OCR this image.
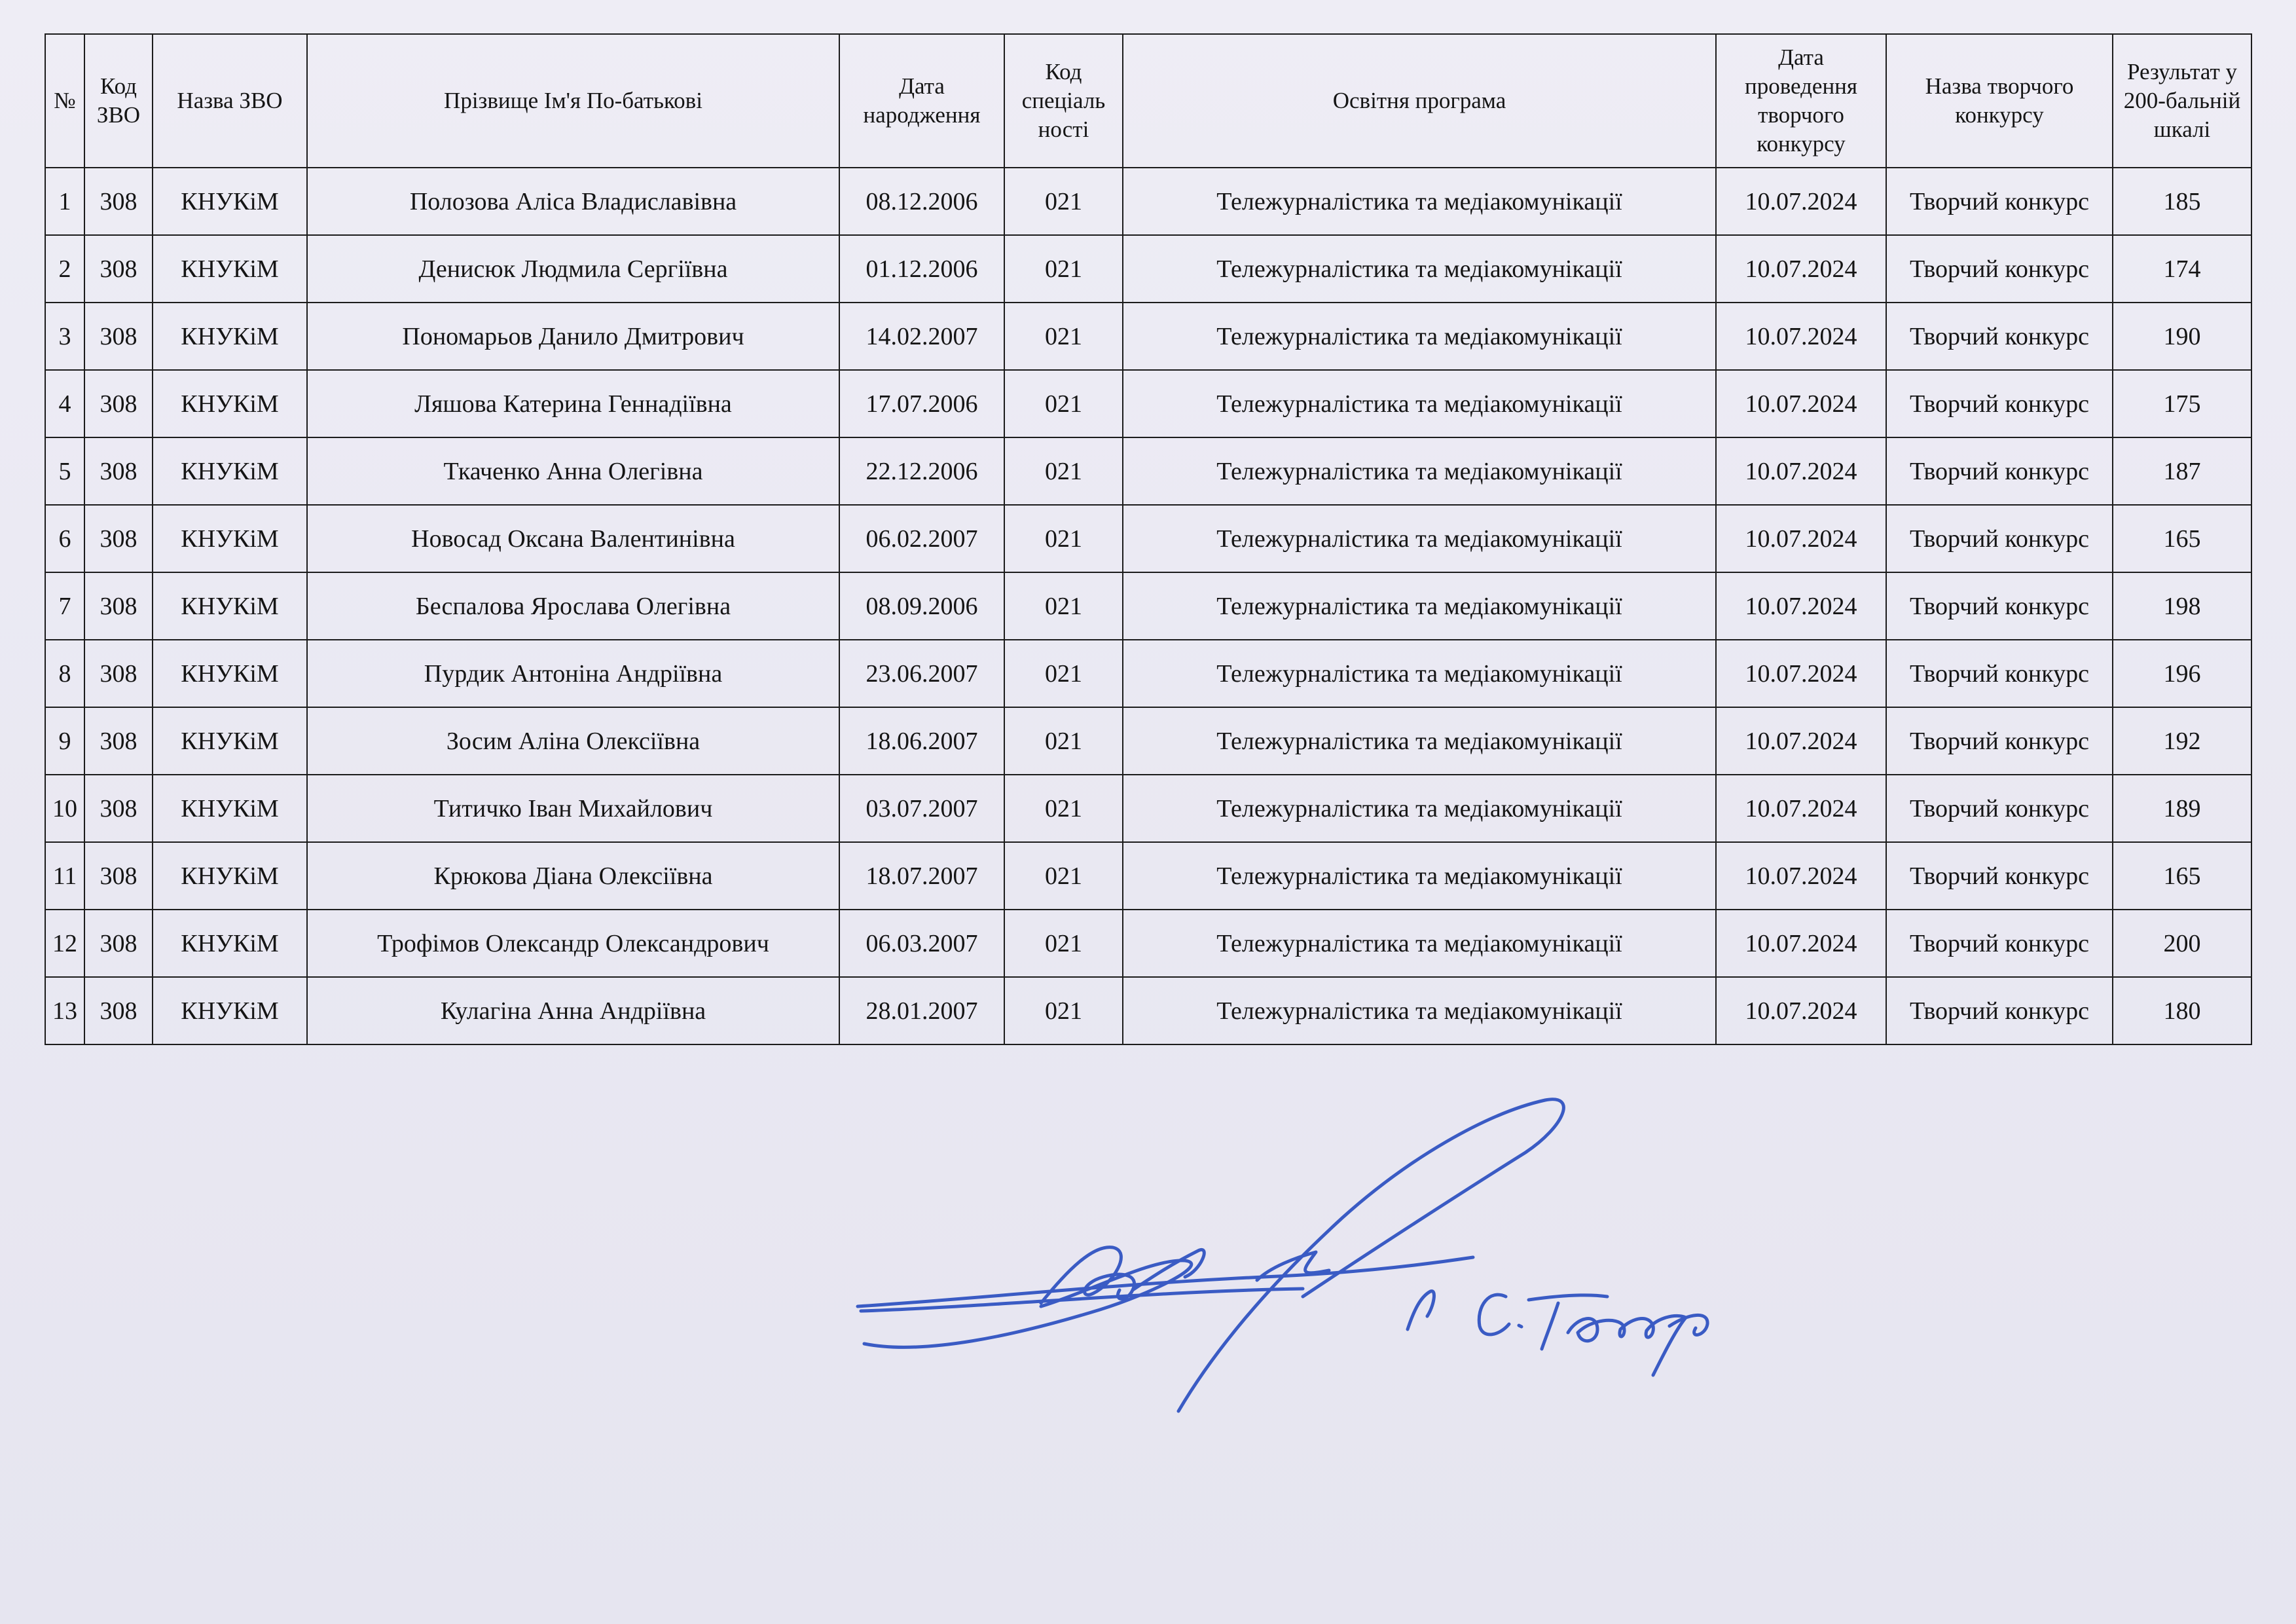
№	Код ЗВО	Назва ЗВО	Прізвище Ім'я По-батькові	Дата народження	Код спеціаль ності	Освітня програма	Дата проведення творчого конкурсу	Назва творчого конкурсу	Результат у 200-бальній шкалі
1	308	КНУКіМ	Полозова Аліса Владиславівна	08.12.2006	021	Тележурналістика та медіакомунікації	10.07.2024	Творчий конкурс	185
2	308	КНУКіМ	Денисюк Людмила Сергіївна	01.12.2006	021	Тележурналістика та медіакомунікації	10.07.2024	Творчий конкурс	174
3	308	КНУКіМ	Пономарьов Данило Дмитрович	14.02.2007	021	Тележурналістика та медіакомунікації	10.07.2024	Творчий конкурс	190
4	308	КНУКіМ	Ляшова Катерина Геннадіївна	17.07.2006	021	Тележурналістика та медіакомунікації	10.07.2024	Творчий конкурс	175
5	308	КНУКіМ	Ткаченко Анна Олегівна	22.12.2006	021	Тележурналістика та медіакомунікації	10.07.2024	Творчий конкурс	187
6	308	КНУКіМ	Новосад Оксана Валентинівна	06.02.2007	021	Тележурналістика та медіакомунікації	10.07.2024	Творчий конкурс	165
7	308	КНУКіМ	Беспалова Ярослава Олегівна	08.09.2006	021	Тележурналістика та медіакомунікації	10.07.2024	Творчий конкурс	198
8	308	КНУКіМ	Пурдик Антоніна Андріївна	23.06.2007	021	Тележурналістика та медіакомунікації	10.07.2024	Творчий конкурс	196
9	308	КНУКіМ	Зосим Аліна Олексіївна	18.06.2007	021	Тележурналістика та медіакомунікації	10.07.2024	Творчий конкурс	192
10	308	КНУКіМ	Титичко Іван Михайлович	03.07.2007	021	Тележурналістика та медіакомунікації	10.07.2024	Творчий конкурс	189
11	308	КНУКіМ	Крюкова Діана Олексіївна	18.07.2007	021	Тележурналістика та медіакомунікації	10.07.2024	Творчий конкурс	165
12	308	КНУКіМ	Трофімов Олександр Олександрович	06.03.2007	021	Тележурналістика та медіакомунікації	10.07.2024	Творчий конкурс	200
13	308	КНУКіМ	Кулагіна Анна Андріївна	28.01.2007	021	Тележурналістика та медіакомунікації	10.07.2024	Творчий конкурс	180
